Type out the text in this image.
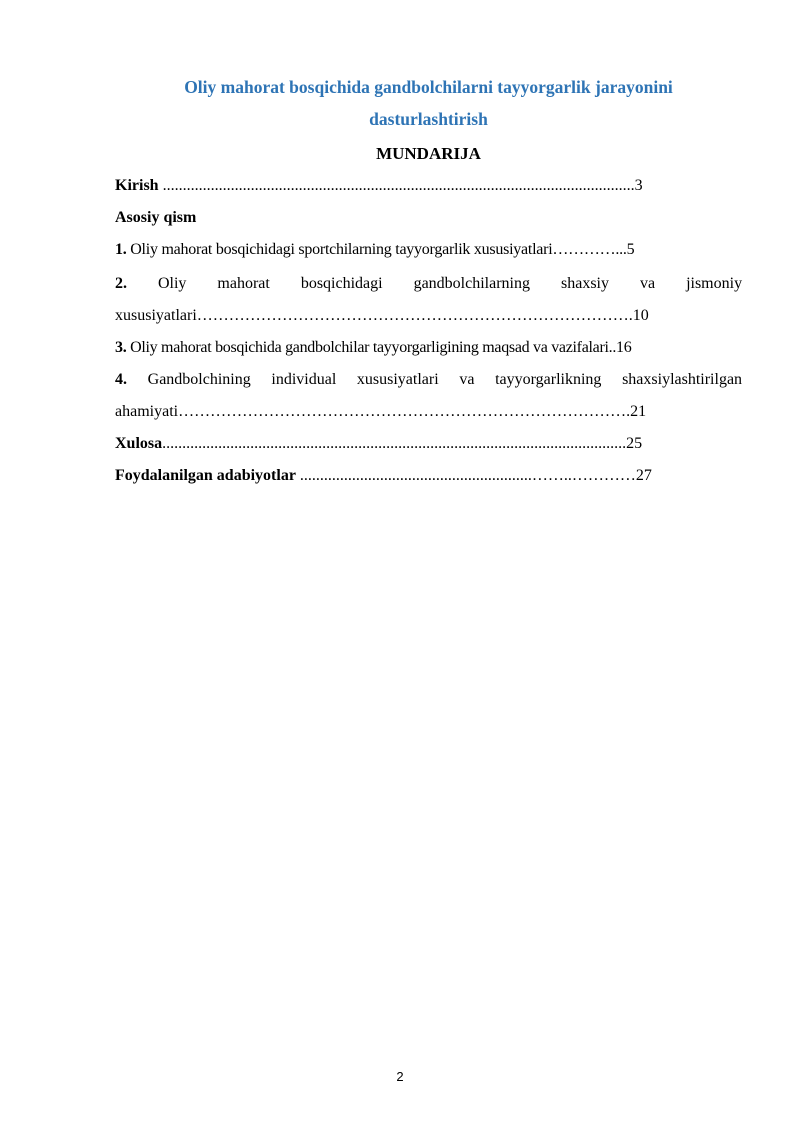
Oliy mahorat bosqichida gandbolchilarni tayyorgarlik jarayonini
dasturlashtirish
MUNDARIJA
Kirish ......................................................................................................................3
Asosiy qism
1. Oliy mahorat bosqichidagi sportchilarning tayyorgarlik xususiyatlari…………...5
2. Oliy mahorat bosqichidagi gandbolchilarning shaxsiy va jismoniy
xususiyatlari……………………………………………………………………….10
3. Oliy mahorat bosqichida gandbolchilar tayyorgarligining maqsad va vazifalari..16
4. Gandbolchining individual xususiyatlari va tayyorgarlikning shaxsiylashtirilgan
ahamiyati………………………………………………………………………….21
Xulosa....................................................................................................................25
Foydalanilgan adabiyotlar ..........................................................……..…………27
2
